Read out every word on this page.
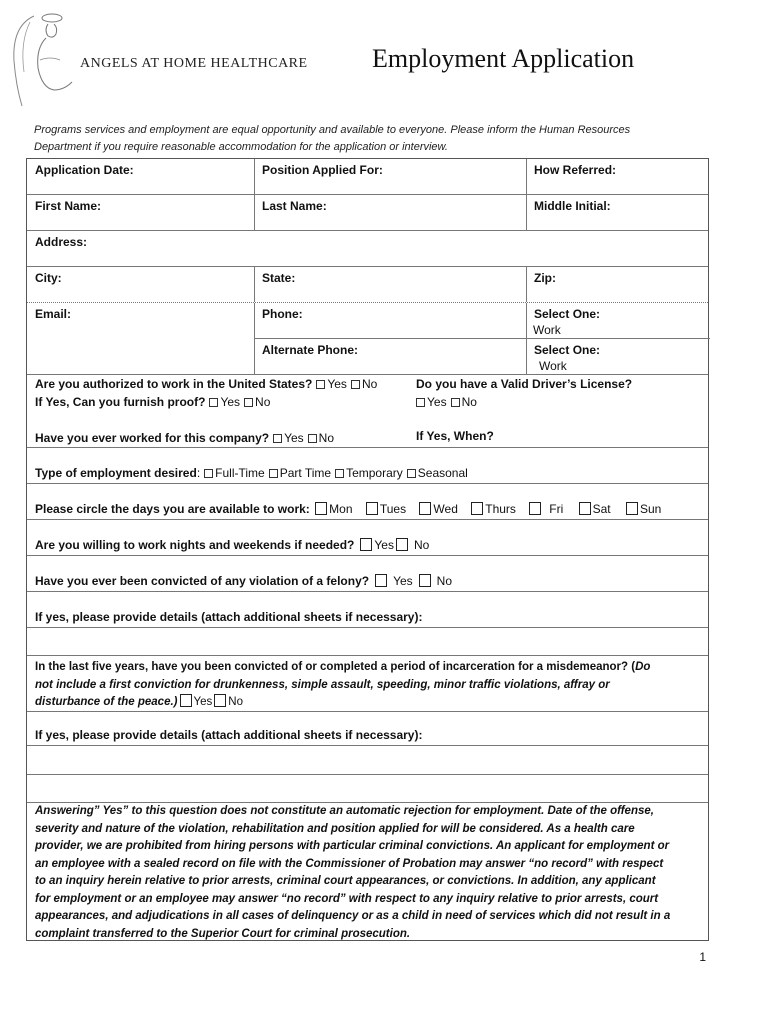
ANGELS AT HOME HEALTHCARE Employment Application
Programs services and employment are equal opportunity and available to everyone. Please inform the Human Resources Department if you require reasonable accommodation for the application or interview.
Application Date:	Position Applied For:	How Referred:
First Name:	Last Name:	Middle Initial:
Address:
City:	State:	Zip:
Email:	Phone:	Select One:
Work
Alternate Phone:	Select One:
Work
Are you authorized to work in the United States? Yes No
If Yes, Can you furnish proof? Yes No
Do you have a Valid Driver’s License?
Yes No
Have you ever worked for this company? Yes No	If Yes, When?
Type of employment desired: Full-Time Part Time Temporary Seasonal
Please circle the days you are available to work: Mon Tues Wed Thurs	Fri Sat Sun
Are you willing to work nights and weekends if needed? Yes No
Have you ever been convicted of any violation of a felony? Yes No
If yes, please provide details (attach additional sheets if necessary):
In the last five years, have you been convicted of or completed a period of incarceration for a misdemeanor? (Do
not include a first conviction for drunkenness, simple assault, speeding, minor traffic violations, affray or
disturbance of the peace.) Yes No
If yes, please provide details (attach additional sheets if necessary):
Answering” Yes” to this question does not constitute an automatic rejection for employment. Date of the offense,
severity and nature of the violation, rehabilitation and position applied for will be considered. As a health care
provider, we are prohibited from hiring persons with particular criminal convictions. An applicant for employment or
an employee with a sealed record on file with the Commissioner of Probation may answer “no record” with respect
to an inquiry herein relative to prior arrests, criminal court appearances, or convictions. In addition, any applicant
for employment or an employee may answer “no record” with respect to any inquiry relative to prior arrests, court
appearances, and adjudications in all cases of delinquency or as a child in need of services which did not result in a
complaint transferred to the Superior Court for criminal prosecution.
1
